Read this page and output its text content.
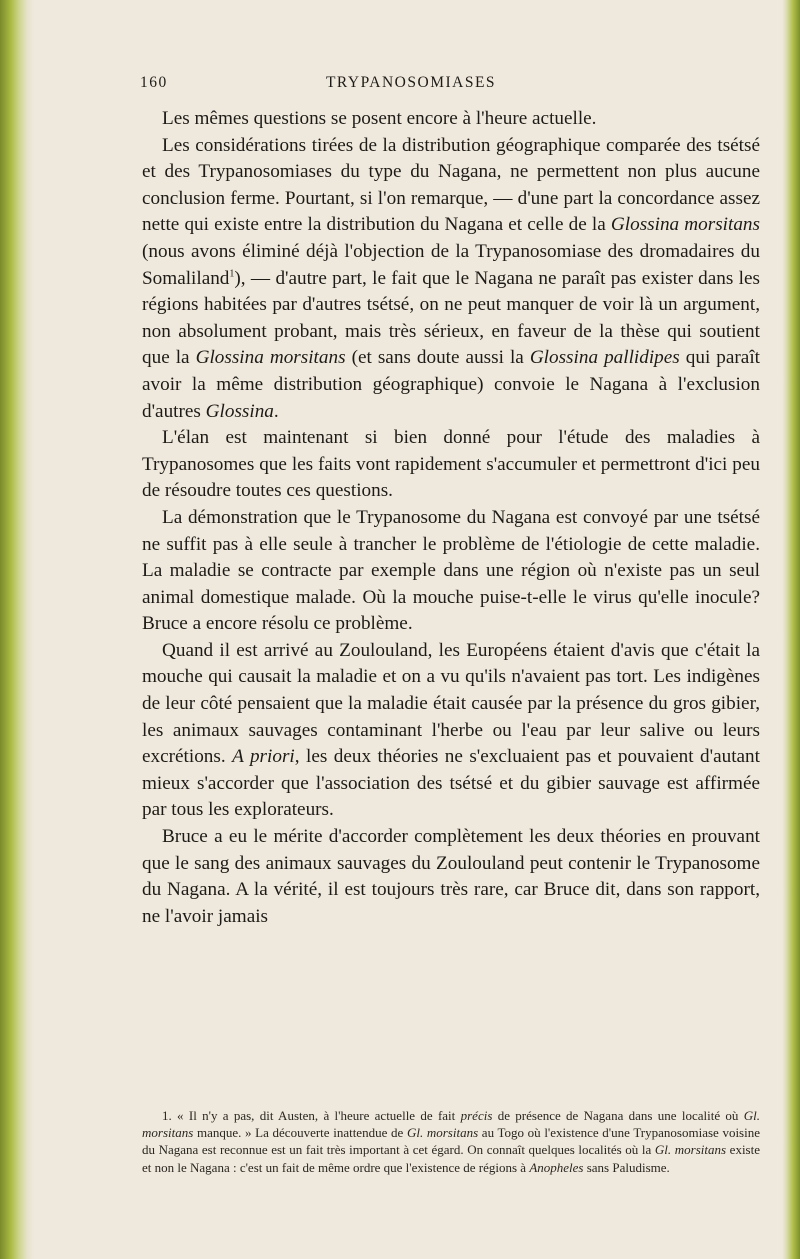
160	TRYPANOSOMIASES

Les mêmes questions se posent encore à l'heure actuelle.

Les considérations tirées de la distribution géographique comparée des tsétsé et des Trypanosomiases du type du Nagana, ne permettent non plus aucune conclusion ferme. Pourtant, si l'on remarque, — d'une part la concordance assez nette qui existe entre la distribution du Nagana et celle de la Glossina morsitans (nous avons éliminé déjà l'objection de la Trypanosomiase des dromadaires du Somaliland$^1$), — d'autre part, le fait que le Nagana ne paraît pas exister dans les régions habitées par d'autres tsétsé, on ne peut manquer de voir là un argument, non absolument probant, mais très sérieux, en faveur de la thèse qui soutient que la Glossina morsitans (et sans doute aussi la Glossina pallidipes qui paraît avoir la même distribution géographique) convoie le Nagana à l'exclusion d'autres Glossina.

L'élan est maintenant si bien donné pour l'étude des maladies à Trypanosomes que les faits vont rapidement s'accumuler et permettront d'ici peu de résoudre toutes ces questions.

La démonstration que le Trypanosome du Nagana est convoyé par une tsétsé ne suffit pas à elle seule à trancher le problème de l'étiologie de cette maladie. La maladie se contracte par exemple dans une région où n'existe pas un seul animal domestique malade. Où la mouche puise-t-elle le virus qu'elle inocule? Bruce a encore résolu ce problème.

Quand il est arrivé au Zoulouland, les Européens étaient d'avis que c'était la mouche qui causait la maladie et on a vu qu'ils n'avaient pas tort. Les indigènes de leur côté pensaient que la maladie était causée par la présence du gros gibier, les animaux sauvages contaminant l'herbe ou l'eau par leur salive ou leurs excrétions. A priori, les deux théories ne s'excluaient pas et pouvaient d'autant mieux s'accorder que l'association des tsétsé et du gibier sauvage est affirmée par tous les explorateurs.

Bruce a eu le mérite d'accorder complètement les deux théories en prouvant que le sang des animaux sauvages du Zoulouland peut contenir le Trypanosome du Nagana. A la vérité, il est toujours très rare, car Bruce dit, dans son rapport, ne l'avoir jamais

1. « Il n'y a pas, dit Austen, à l'heure actuelle de fait précis de présence de Nagana dans une localité où Gl. morsitans manque. » La découverte inattendue de Gl. morsitans au Togo où l'existence d'une Trypanosomiase voisine du Nagana est reconnue est un fait très important à cet égard. On connaît quelques localités où la Gl. morsitans existe et non le Nagana : c'est un fait de même ordre que l'existence de régions à Anopheles sans Paludisme.
